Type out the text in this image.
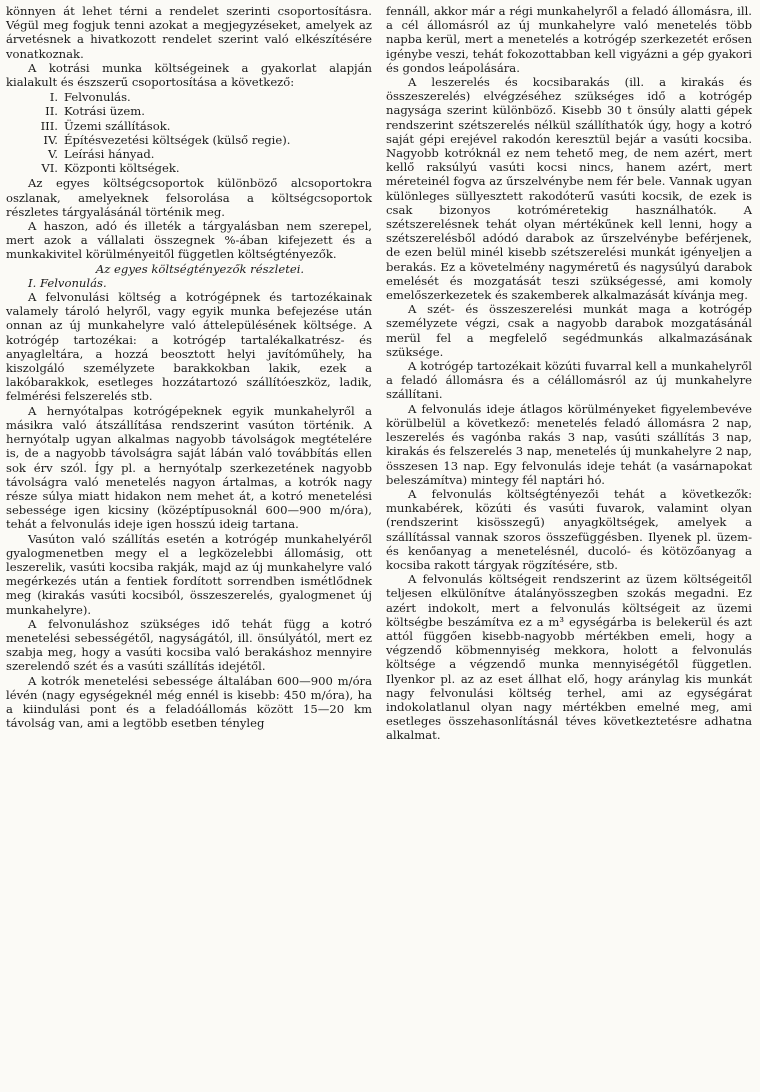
könnyen át lehet térni a rendelet szerinti csoportosításra. Végül meg fogjuk tenni azokat a megjegyzéseket, amelyek az árvetésnek a hivatkozott rendelet szerint való elkészítésére vonatkoznak.

A kotrási munka költségeinek a gyakorlat alapján kialakult és észszerű csoportosítása a következő:

I. Felvonulás.
II. Kotrási üzem.
III. Üzemi szállítások.
IV. Építésvezetési költségek (külső regie).
V. Leírási hányad.
VI. Központi költségek.

Az egyes költségcsoportok különböző alcsoportokra oszlanak, amelyeknek felsorolása a költségcsoportok részletes tárgyalásánál történik meg.

A haszon, adó és illeték a tárgyalásban nem szerepel, mert azok a vállalati összegnek %-ában kifejezett és a munkakivitel körülményeitől független költségtényezők.

Az egyes költségtényezők részletei.

I. Felvonulás.

A felvonulási költség a kotrógépnek és tartozékainak valamely tároló helyről, vagy egyik munka befejezése után onnan az új munkahelyre való áttelepülésének költsége. A kotrógép tartozékai: a kotrógép tartalékalkatrész- és anyagleltára, a hozzá beosztott helyi javítóműhely, ha kiszolgáló személyzete barakkokban lakik, ezek a lakóbarakkok, esetleges hozzátartozó szállítóeszköz, ladik, felmérési felszerelés stb.

A hernyótalpas kotrógépeknek egyik munkahelyről a másikra való átszállítása rendszerint vasúton történik. A hernyótalp ugyan alkalmas nagyobb távolságok megtételére is, de a nagyobb távolságra saját lábán való továbbítás ellen sok érv szól. Így pl. a hernyótalp szerkezetének nagyobb távolságra való menetelés nagyon ártalmas, a kotrók nagy része súlya miatt hidakon nem mehet át, a kotró menetelési sebessége igen kicsiny (középtípusoknál 600—900 m/óra), tehát a felvonulás ideje igen hosszú ideig tartana.

Vasúton való szállítás esetén a kotrógép munkahelyéről gyalogmenetben megy el a legközelebbi állomásig, ott leszerelik, vasúti kocsiba rakják, majd az új munkahelyre való megérkezés után a fentiek fordított sorrendben ismétlődnek meg (kirakás vasúti kocsiból, összeszerelés, gyalogmenet új munkahelyre).

A felvonuláshoz szükséges idő tehát függ a kotró menetelési sebességétől, nagyságától, ill. önsúlyától, mert ez szabja meg, hogy a vasúti kocsiba való berakáshoz mennyire szerelendő szét és a vasúti szállítás idejétől.

A kotrók menetelési sebessége általában 600—900 m/óra lévén (nagy egységeknél még ennél is kisebb: 450 m/óra), ha a kiindulási pont és a feladóállomás között 15—20 km távolság van, ami a legtöbb esetben tényleg

fennáll, akkor már a régi munkahelyről a feladó állomásra, ill. a cél állomásról az új munkahelyre való menetelés több napba kerül, mert a menetelés a kotrógép szerkezetét erősen igénybe veszi, tehát fokozottabban kell vigyázni a gép gyakori és gondos leápolására.

A leszerelés és kocsibarakás (ill. a kirakás és összeszerelés) elvégzéséhez szükséges idő a kotrógép nagysága szerint különböző. Kisebb 30 t önsúly alatti gépek rendszerint szétszerelés nélkül szállíthatók úgy, hogy a kotró saját gépi erejével rakodón keresztül bejár a vasúti kocsiba. Nagyobb kotróknál ez nem tehető meg, de nem azért, mert kellő raksúlyú vasúti kocsi nincs, hanem azért, mert méreteinél fogva az űrszelvénybe nem fér bele. Vannak ugyan különleges süllyesztett rakodóterű vasúti kocsik, de ezek is csak bizonyos kotróméretekig használhatók. A szétszerelésnek tehát olyan mértékűnek kell lenni, hogy a szétszerelésből adódó darabok az űrszelvénybe beférjenek, de ezen belül minél kisebb szétszerelési munkát igényeljen a berakás. Ez a követelmény nagyméretű és nagysúlyú darabok emelését és mozgatását teszi szükségessé, ami komoly emelőszerkezetek és szakemberek alkalmazását kívánja meg.

A szét- és összeszerelési munkát maga a kotrógép személyzete végzi, csak a nagyobb darabok mozgatásánál merül fel a megfelelő segédmunkás alkalmazásának szüksége.

A kotrógép tartozékait közúti fuvarral kell a munkahelyről a feladó állomásra és a célállomásról az új munkahelyre szállítani.

A felvonulás ideje átlagos körülményeket figyelembevéve körülbelül a következő: menetelés feladó állomásra 2 nap, leszerelés és vagónba rakás 3 nap, vasúti szállítás 3 nap, kirakás és felszerelés 3 nap, menetelés új munkahelyre 2 nap, összesen 13 nap. Egy felvonulás ideje tehát (a vasárnapokat beleszámítva) mintegy fél naptári hó.

A felvonulás költségtényezői tehát a következők: munkabérek, közúti és vasúti fuvarok, valamint olyan (rendszerint kisösszegű) anyagköltségek, amelyek a szállítással vannak szoros összefüggésben. Ilyenek pl. üzem- és kenőanyag a menetelésnél, ducoló- és kötözőanyag a kocsiba rakott tárgyak rögzítésére, stb.

A felvonulás költségeit rendszerint az üzem költségeitől teljesen elkülönítve átalányösszegben szokás megadni. Ez azért indokolt, mert a felvonulás költségeit az üzemi költségbe beszámítva ez a m³ egységárba is belekerül és azt attól függően kisebb-nagyobb mértékben emeli, hogy a végzendő köbmennyiség mekkora, holott a felvonulás költsége a végzendő munka mennyiségétől független. Ilyenkor pl. az az eset állhat elő, hogy aránylag kis munkát nagy felvonulási költség terhel, ami az egységárat indokolatlanul olyan nagy mértékben emelné meg, ami esetleges összehasonlításnál téves következtetésre adhatna alkalmat.
